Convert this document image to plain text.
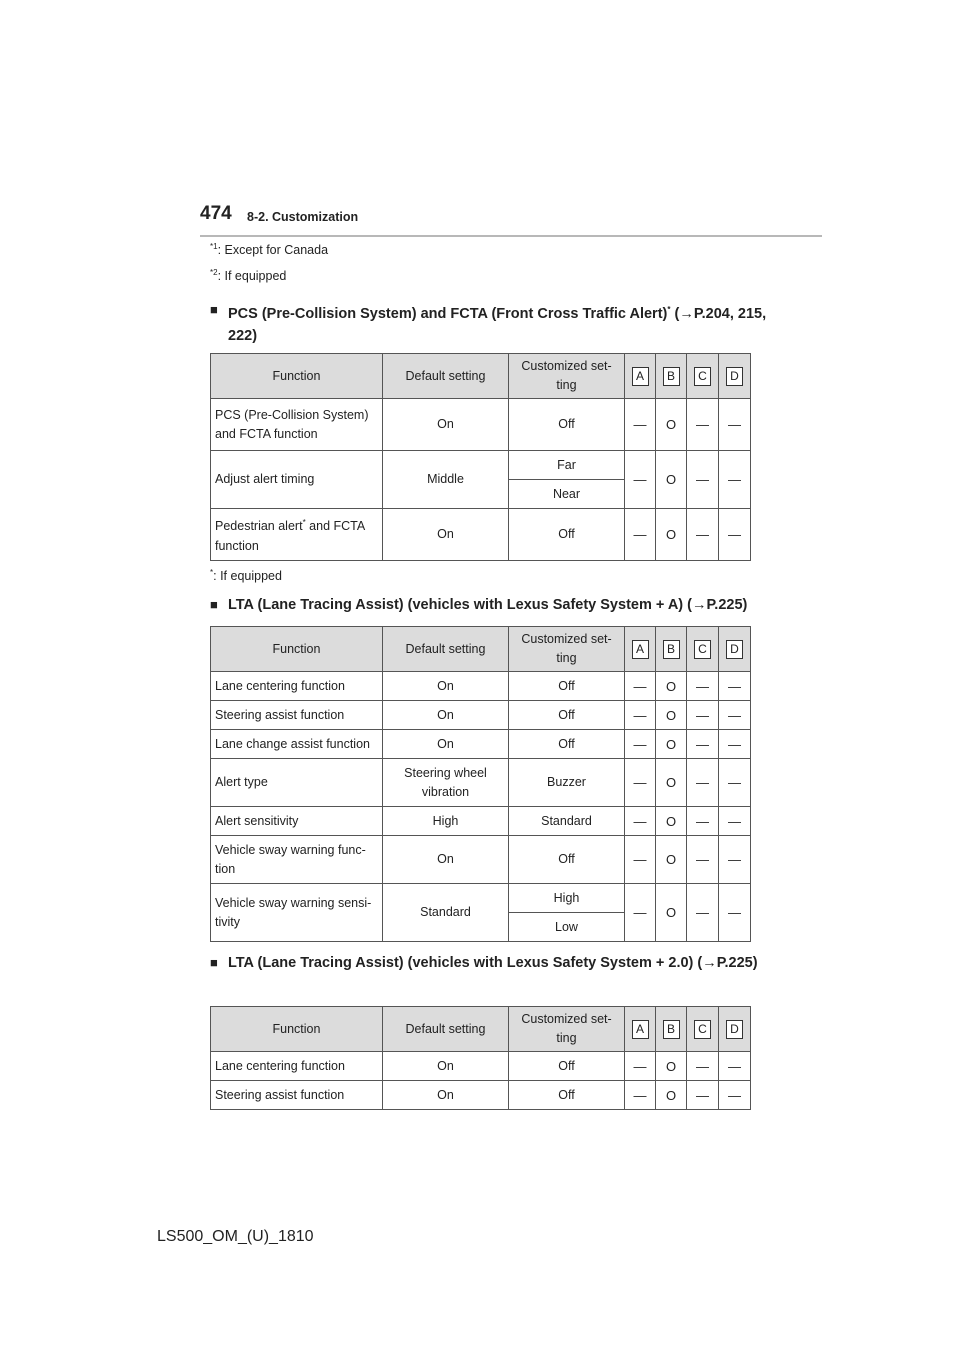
474 8-2. Customization
$^{*1}$: Except for Canada
$^{*2}$: If equipped
■ PCS (Pre-Collision System) and FCTA (Front Cross Traffic Alert)* (→P.204, 215, 222)
Function	Default setting	Customized set- ting	A	B	C	D
PCS (Pre-Collision System) and FCTA function	On	Off	—	O	—	—
Adjust alert timing	Middle	Far	—	O	—	—
		Near				
Pedestrian alert* and FCTA function	On	Off	—	O	—	—
*: If equipped
■ LTA (Lane Tracing Assist) (vehicles with Lexus Safety System + A) (→P.225)
Function	Default setting	Customized set- ting	A	B	C	D
Lane centering function	On	Off	—	O	—	—
Steering assist function	On	Off	—	O	—	—
Lane change assist function	On	Off	—	O	—	—
Alert type	Steering wheel vibration	Buzzer	—	O	—	—
Alert sensitivity	High	Standard	—	O	—	—
Vehicle sway warning func- tion	On	Off	—	O	—	—
Vehicle sway warning sensi- tivity	Standard	High	—	O	—	—
		Low				
■ LTA (Lane Tracing Assist) (vehicles with Lexus Safety System + 2.0) (→P.225)
Function	Default setting	Customized set- ting	A	B	C	D
Lane centering function	On	Off	—	O	—	—
Steering assist function	On	Off	—	O	—	—
LS500_OM_(U)_1810
